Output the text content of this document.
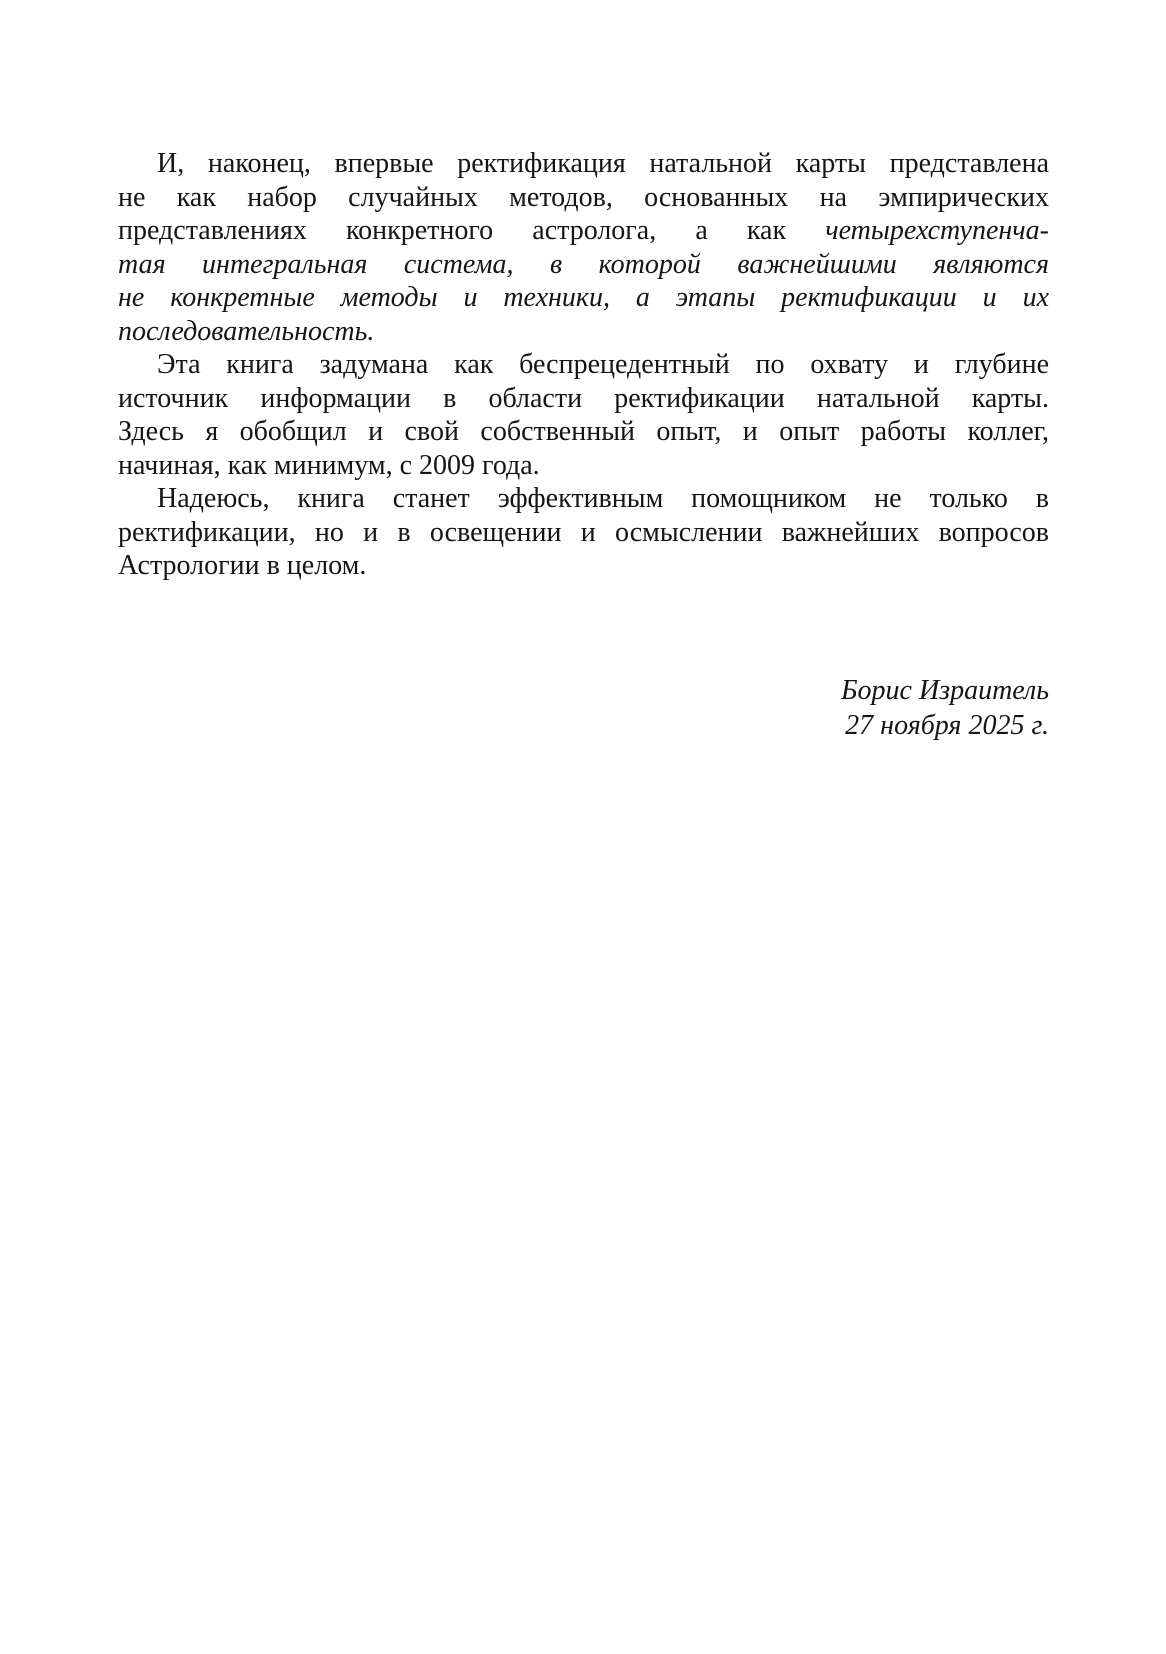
И, наконец, впервые ректификация натальной карты представлена
не как набор случайных методов, основанных на эмпирических
представлениях конкретного астролога, а как четырехступенча-
тая интегральная система, в которой важнейшими являются
не конкретные методы и техники, а этапы ректификации и их
последовательность.
Эта книга задумана как беспрецедентный по охвату и глубине
источник информации в области ректификации натальной карты.
Здесь я обобщил и свой собственный опыт, и опыт работы коллег,
начиная, как минимум, с 2009 года.
Надеюсь, книга станет эффективным помощником не только в
ректификации, но и в освещении и осмыслении важнейших вопросов
Астрологии в целом.
Борис Израитель
27 ноября 2025 г.
